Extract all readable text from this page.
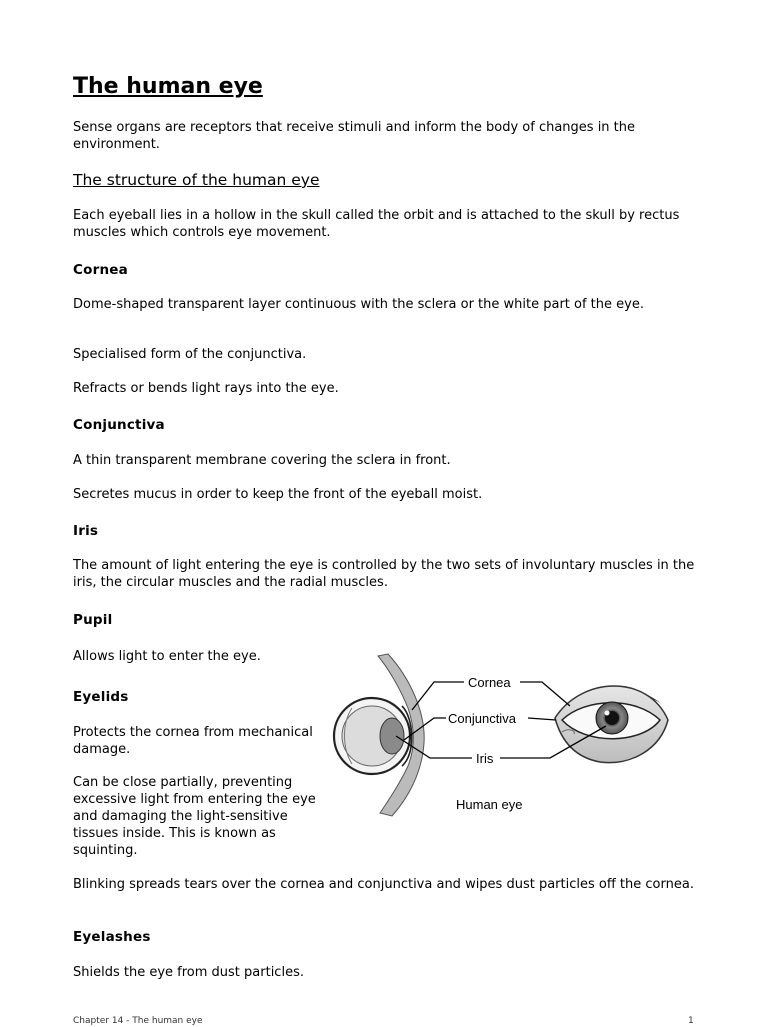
The human eye

Sense organs are receptors that receive stimuli and inform the body of changes in the environment.

The structure of the human eye

Each eyeball lies in a hollow in the skull called the orbit and is attached to the skull by rectus muscles which controls eye movement.

Cornea

Dome-shaped transparent layer continuous with the sclera or the white part of the eye.

Specialised form of the conjunctiva.

Refracts or bends light rays into the eye.

Conjunctiva

A thin transparent membrane covering the sclera in front.

Secretes mucus in order to keep the front of the eyeball moist.

Iris

The amount of light entering the eye is controlled by the two sets of involuntary muscles in the iris, the circular muscles and the radial muscles.

Pupil

Allows light to enter the eye.

Eyelids

Protects the cornea from mechanical damage.

Can be close partially, preventing excessive light from entering the eye and damaging the light-sensitive tissues inside. This is known as squinting.

Blinking spreads tears over the cornea and conjunctiva and wipes dust particles off the cornea.

Eyelashes

Shields the eye from dust particles.

Cornea
Conjunctiva
Iris
Human eye
Chapter 14 - The human eye	1
